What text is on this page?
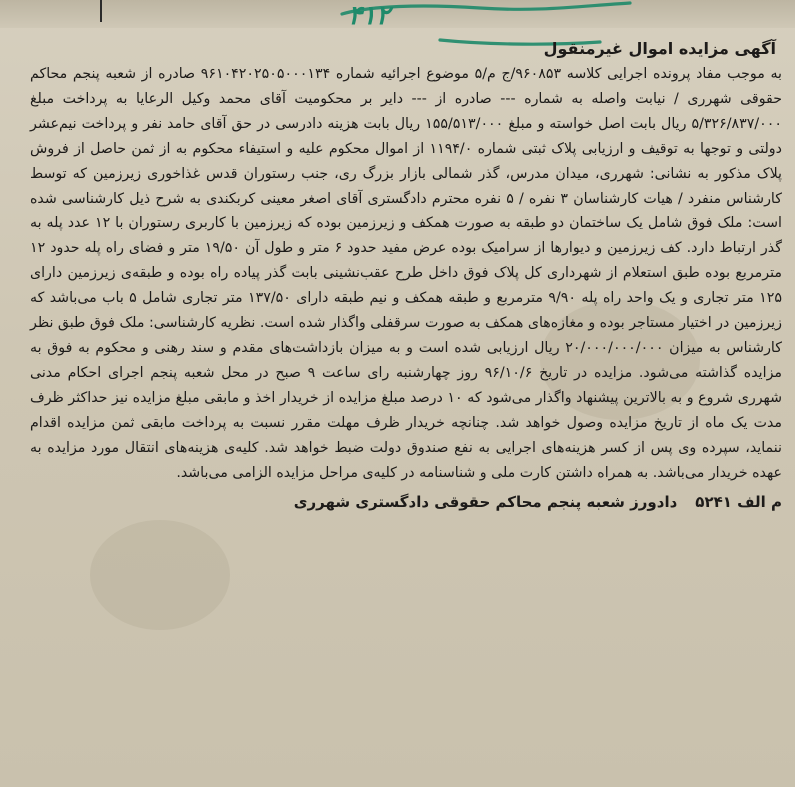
۴۱۲
آگهی مزایده اموال غیرمنقول

به موجب مفاد پرونده اجرایی کلاسه ۹۶۰۸۵۳/ج م/۵ موضوع اجرائیه شماره ۹۶۱۰۴۲۰۲۵۰۵۰۰۰۱۳۴ صادره از شعبه پنجم محاکم حقوقی شهرری / نیابت واصله به شماره --- صادره از --- دایر بر محکومیت آقای محمد وکیل الرعایا به پرداخت مبلغ ۵/۳۲۶/۸۳۷/۰۰۰ ریال بابت اصل خواسته و مبلغ ۱۵۵/۵۱۳/۰۰۰ ریال بابت هزینه دادرسی در حق آقای حامد نفر و پرداخت نیم‌عشر دولتی و توجها به توقیف و ارزیابی پلاک ثبتی شماره ۱۱۹۴/۰ از اموال محکوم علیه و استیفاء محکوم به از ثمن حاصل از فروش پلاک مذکور به نشانی: شهرری، میدان مدرس، گذر شمالی بازار بزرگ ری، جنب رستوران قدس غذاخوری زیرزمین که توسط کارشناس منفرد / هیات کارشناسان ۳ نفره / ۵ نفره محترم دادگستری آقای اصغر معینی کربکندی به شرح ذیل کارشناسی شده است: ملک فوق شامل یک ساختمان دو طبقه به صورت همکف و زیرزمین بوده که زیرزمین با کاربری رستوران با ۱۲ عدد پله به گذر ارتباط دارد. کف زیرزمین و دیوارها از سرامیک بوده عرض مفید حدود ۶ متر و طول آن ۱۹/۵۰ متر و فضای راه پله حدود ۱۲ مترمربع بوده طبق استعلام از شهرداری کل پلاک فوق داخل طرح عقب‌نشینی بابت گذر پیاده راه بوده و طبقه‌ی زیرزمین دارای ۱۲۵ متر تجاری و یک واحد راه پله ۹/۹۰ مترمربع و طبقه همکف و نیم طبقه دارای ۱۳۷/۵۰ متر تجاری شامل ۵ باب می‌باشد که زیرزمین در اختیار مستاجر بوده و مغازه‌های همکف به صورت سرقفلی واگذار شده است. نظریه کارشناسی: ملک فوق طبق نظر کارشناس به میزان ۲۰/۰۰۰/۰۰۰/۰۰۰ ریال ارزیابی شده است و به میزان بازداشت‌های مقدم و سند رهنی و محکوم به فوق به مزایده گذاشته می‌شود. مزایده در تاریخ ۹۶/۱۰/۶ روز چهارشنبه رای ساعت ۹ صبح در محل شعبه پنجم اجرای احکام مدنی شهرری شروع و به بالاترین پیشنهاد واگذار می‌شود که ۱۰ درصد مبلغ مزایده از خریدار اخذ و مابقی مبلغ مزایده نیز حداکثر ظرف مدت یک ماه از تاریخ مزایده وصول خواهد شد. چنانچه خریدار ظرف مهلت مقرر نسبت به پرداخت مابقی ثمن مزایده اقدام ننماید، سپرده وی پس از کسر هزینه‌های اجرایی به نفع صندوق دولت ضبط خواهد شد. کلیه‌ی هزینه‌های انتقال مورد مزایده به عهده خریدار می‌باشد. به همراه داشتن کارت ملی و شناسنامه در کلیه‌ی مراحل مزایده الزامی می‌باشد.

م الف ۵۲۴۱
دادورز شعبه پنجم محاکم حقوقی دادگستری شهرری
